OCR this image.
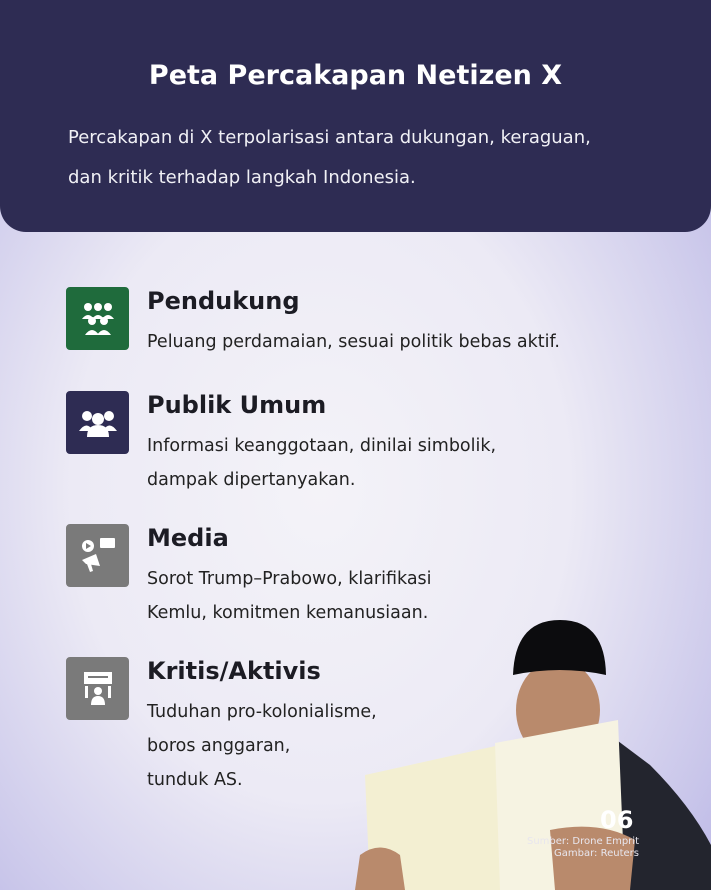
Peta Percakapan Netizen X
Percakapan di X terpolarisasi antara dukungan, keraguan,
dan kritik terhadap langkah Indonesia.
Pendukung
Peluang perdamaian, sesuai politik bebas aktif.
Publik Umum
Informasi keanggotaan, dinilai simbolik,
dampak dipertanyakan.
Media
Sorot Trump–Prabowo, klarifikasi
Kemlu, komitmen kemanusiaan.
Kritis/Aktivis
Tuduhan pro-kolonialisme,
boros anggaran,
tunduk AS.
06
Sumber: Drone Emprit
Gambar: Reuters
